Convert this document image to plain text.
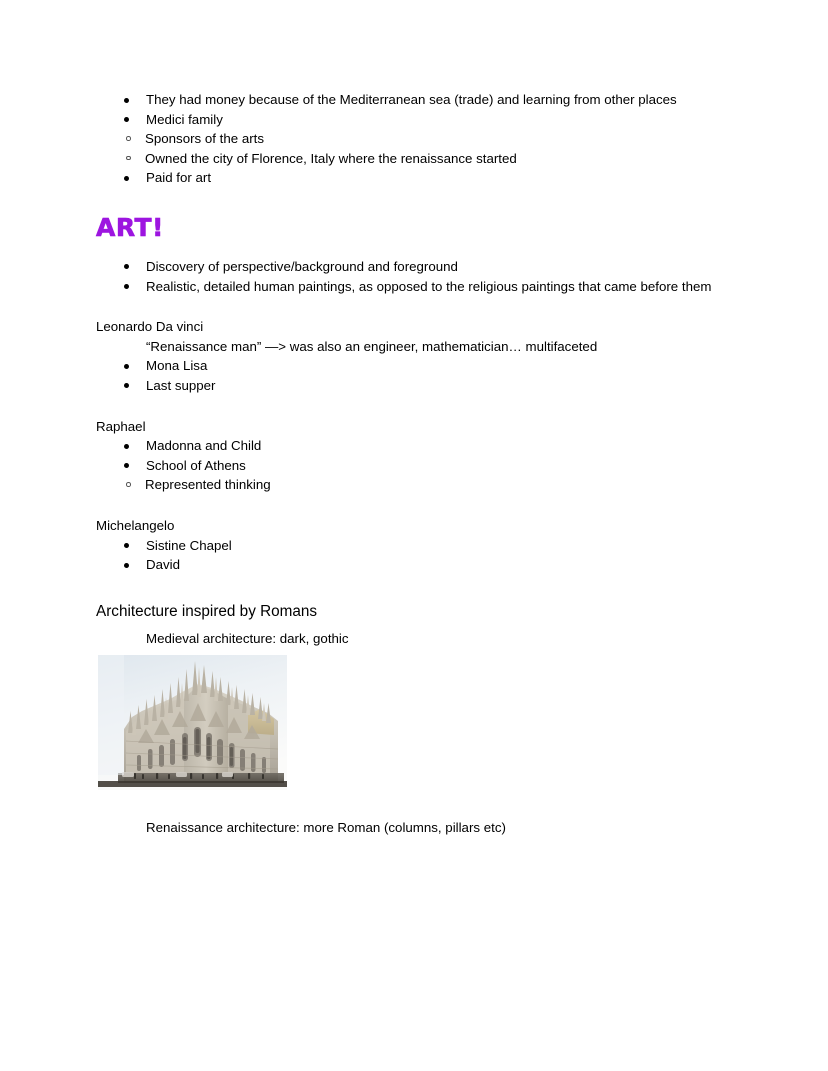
They had money because of the Mediterranean sea (trade) and learning from other places
Medici family
Sponsors of the arts
Owned the city of Florence, Italy where the renaissance started
Paid for art
ART!
Discovery of perspective/background and foreground
Realistic, detailed human paintings, as opposed to the religious paintings that came before them

Leonardo Da vinci

“Renaissance man” —> was also an engineer, mathematician… multifaceted

Mona Lisa
Last supper

Raphael

Madonna and Child
School of Athens
Represented thinking

Michelangelo

Sistine Chapel
David

Architecture inspired by Romans

Medieval architecture: dark, gothic

Renaissance architecture: more Roman (columns, pillars etc)
